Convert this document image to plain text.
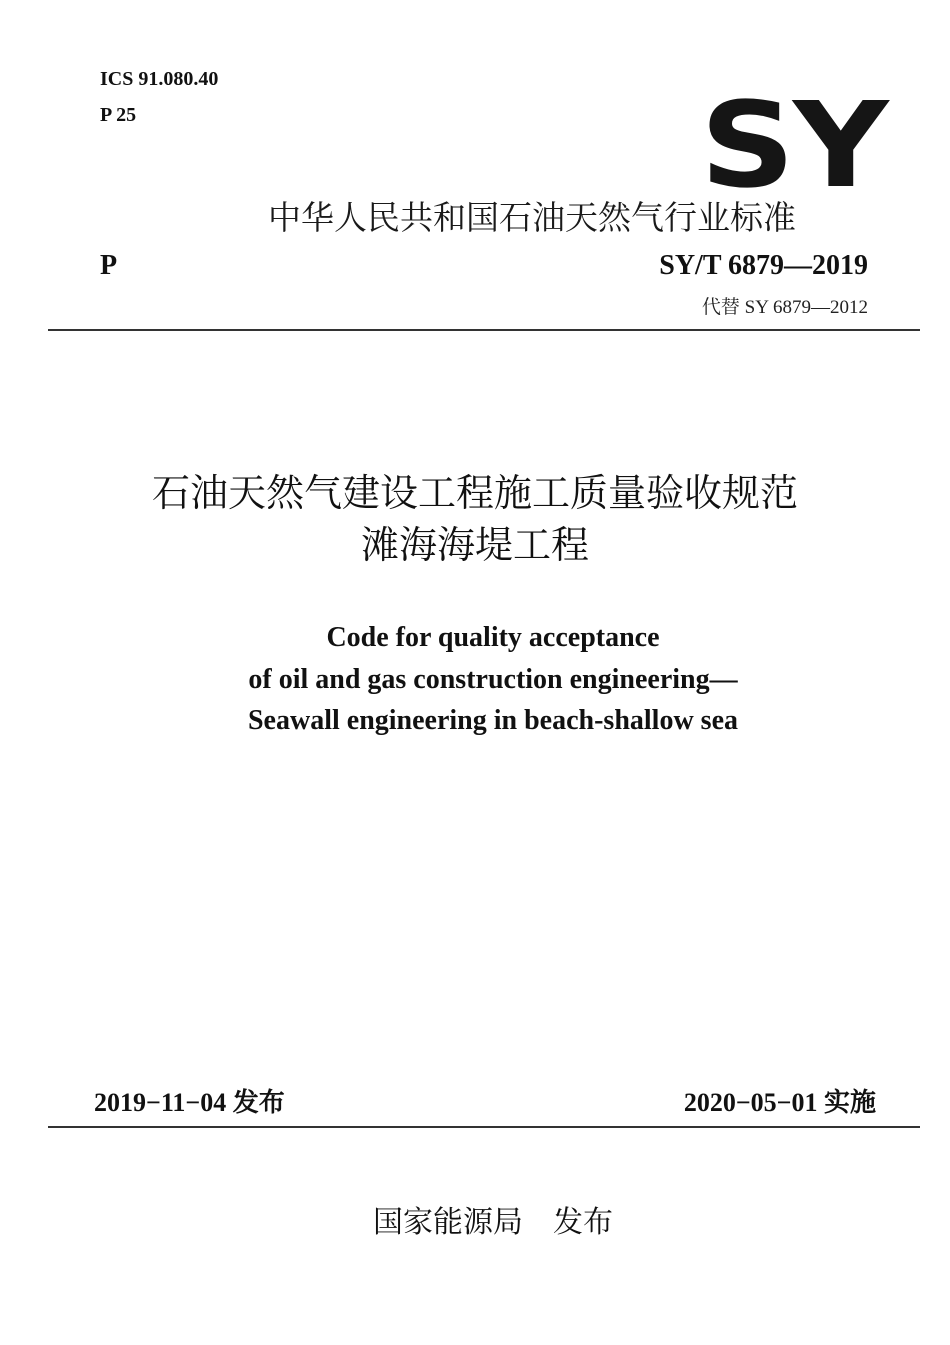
ICS 91.080.40
P 25	SY
中华人民共和国石油天然气行业标准
P	SY/T 6879—2019
代替 SY 6879—2012
石油天然气建设工程施工质量验收规范
滩海海堤工程
Code for quality acceptance
of oil and gas construction engineering—
Seawall engineering in beach-shallow sea
2019−11−04 发布	2020−05−01 实施
国家能源局　发布
